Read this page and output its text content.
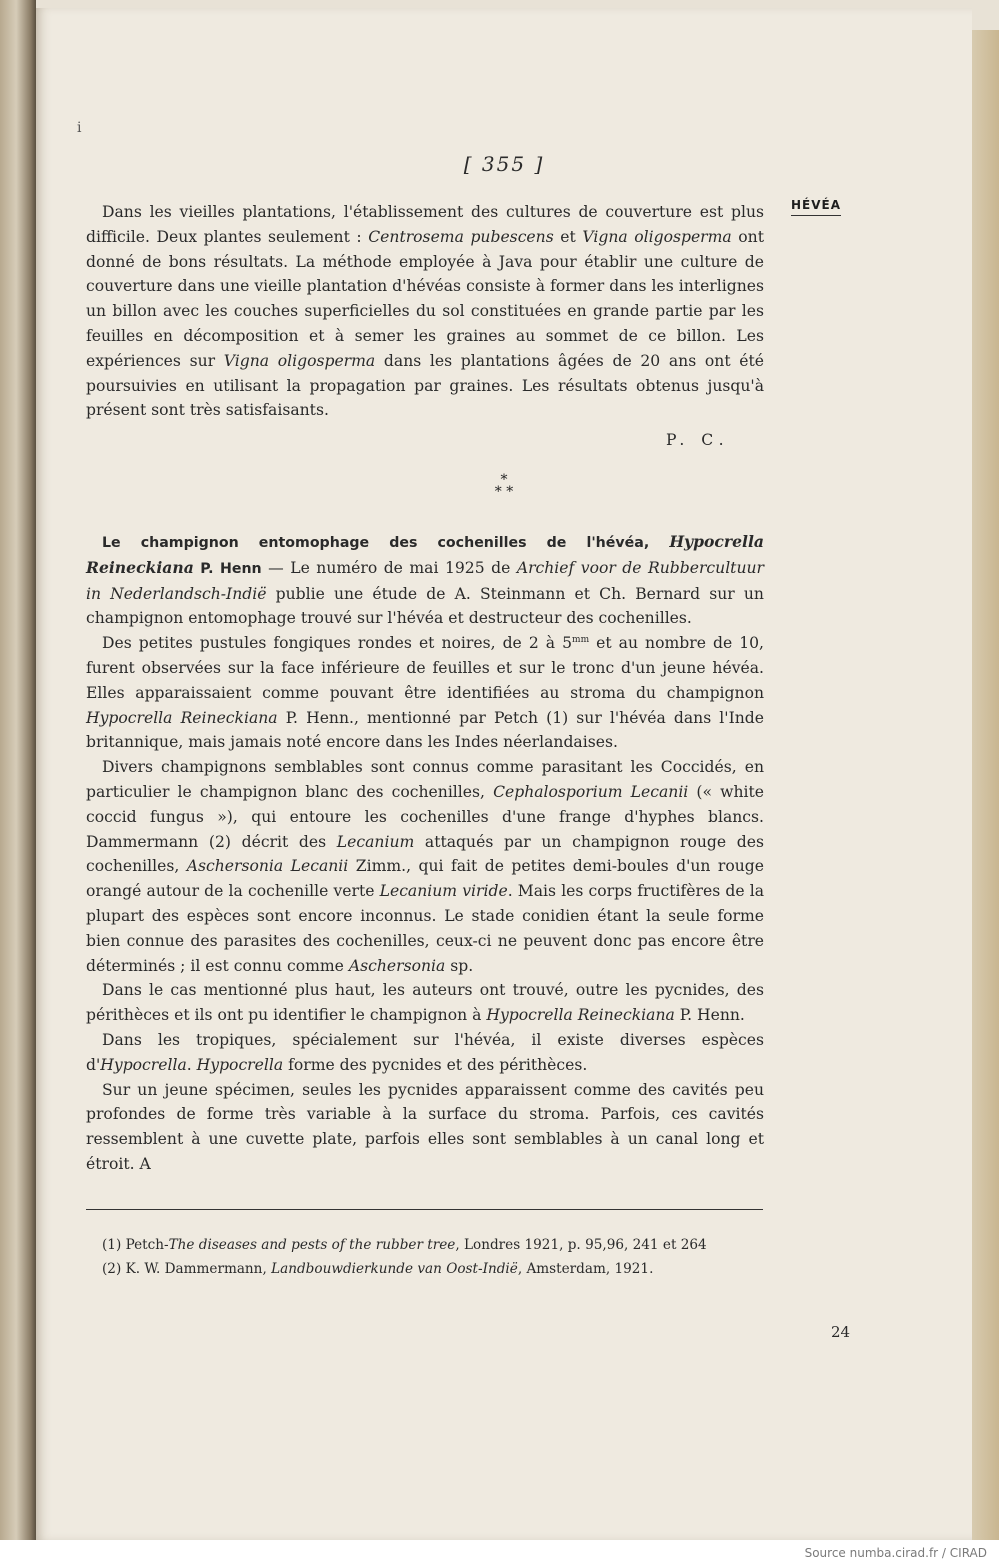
i
[ 355 ]
HÉVÉA

Dans les vieilles plantations, l'établissement des cultures de couverture est plus difficile. Deux plantes seulement : Centrosema pubescens et Vigna oligosperma ont donné de bons résultats. La méthode employée à Java pour établir une culture de couverture dans une vieille plantation d'hévéas consiste à former dans les interlignes un billon avec les couches superficielles du sol constituées en grande partie par les feuilles en décomposition et à semer les graines au sommet de ce billon. Les expériences sur Vigna oligosperma dans les plantations âgées de 20 ans ont été poursuivies en utilisant la propagation par graines. Les résultats obtenus jusqu'à présent sont très satisfaisants.

P. C.
*
* *

Le champignon entomophage des cochenilles de l'hévéa, Hypocrella Reineckiana P. Henn — Le numéro de mai 1925 de Archief voor de Rubbercultuur in Nederlandsch-Indië publie une étude de A. Steinmann et Ch. Bernard sur un champignon entomophage trouvé sur l'hévéa et destructeur des cochenilles.

Des petites pustules fongiques rondes et noires, de 2 à $5^{mm}$ et au nombre de 10, furent observées sur la face inférieure de feuilles et sur le tronc d'un jeune hévéa. Elles apparaissaient comme pouvant être identifiées au stroma du champignon Hypocrella Reineckiana P. Henn., mentionné par Petch (1) sur l'hévéa dans l'Inde britannique, mais jamais noté encore dans les Indes néerlandaises.

Divers champignons semblables sont connus comme parasitant les Coccidés, en particulier le champignon blanc des cochenilles, Cephalosporium Lecanii (« white coccid fungus »), qui entoure les cochenilles d'une frange d'hyphes blancs. Dammermann (2) décrit des Lecanium attaqués par un champignon rouge des cochenilles, Aschersonia Lecanii Zimm., qui fait de petites demi-boules d'un rouge orangé autour de la cochenille verte Lecanium viride. Mais les corps fructifères de la plupart des espèces sont encore inconnus. Le stade conidien étant la seule forme bien connue des parasites des cochenilles, ceux-ci ne peuvent donc pas encore être déterminés ; il est connu comme Aschersonia sp.

Dans le cas mentionné plus haut, les auteurs ont trouvé, outre les pycnides, des périthèces et ils ont pu identifier le champignon à Hypocrella Reineckiana P. Henn.

Dans les tropiques, spécialement sur l'hévéa, il existe diverses espèces d'Hypocrella. Hypocrella forme des pycnides et des périthèces.

Sur un jeune spécimen, seules les pycnides apparaissent comme des cavités peu profondes de forme très variable à la surface du stroma. Parfois, ces cavités ressemblent à une cuvette plate, parfois elles sont semblables à un canal long et étroit. A

(1) Petch-The diseases and pests of the rubber tree, Londres 1921, p. 95,96, 241 et 264
(2) K. W. Dammermann, Landbouwdierkunde van Oost-Indië, Amsterdam, 1921.
24
Source numba.cirad.fr / CIRAD
